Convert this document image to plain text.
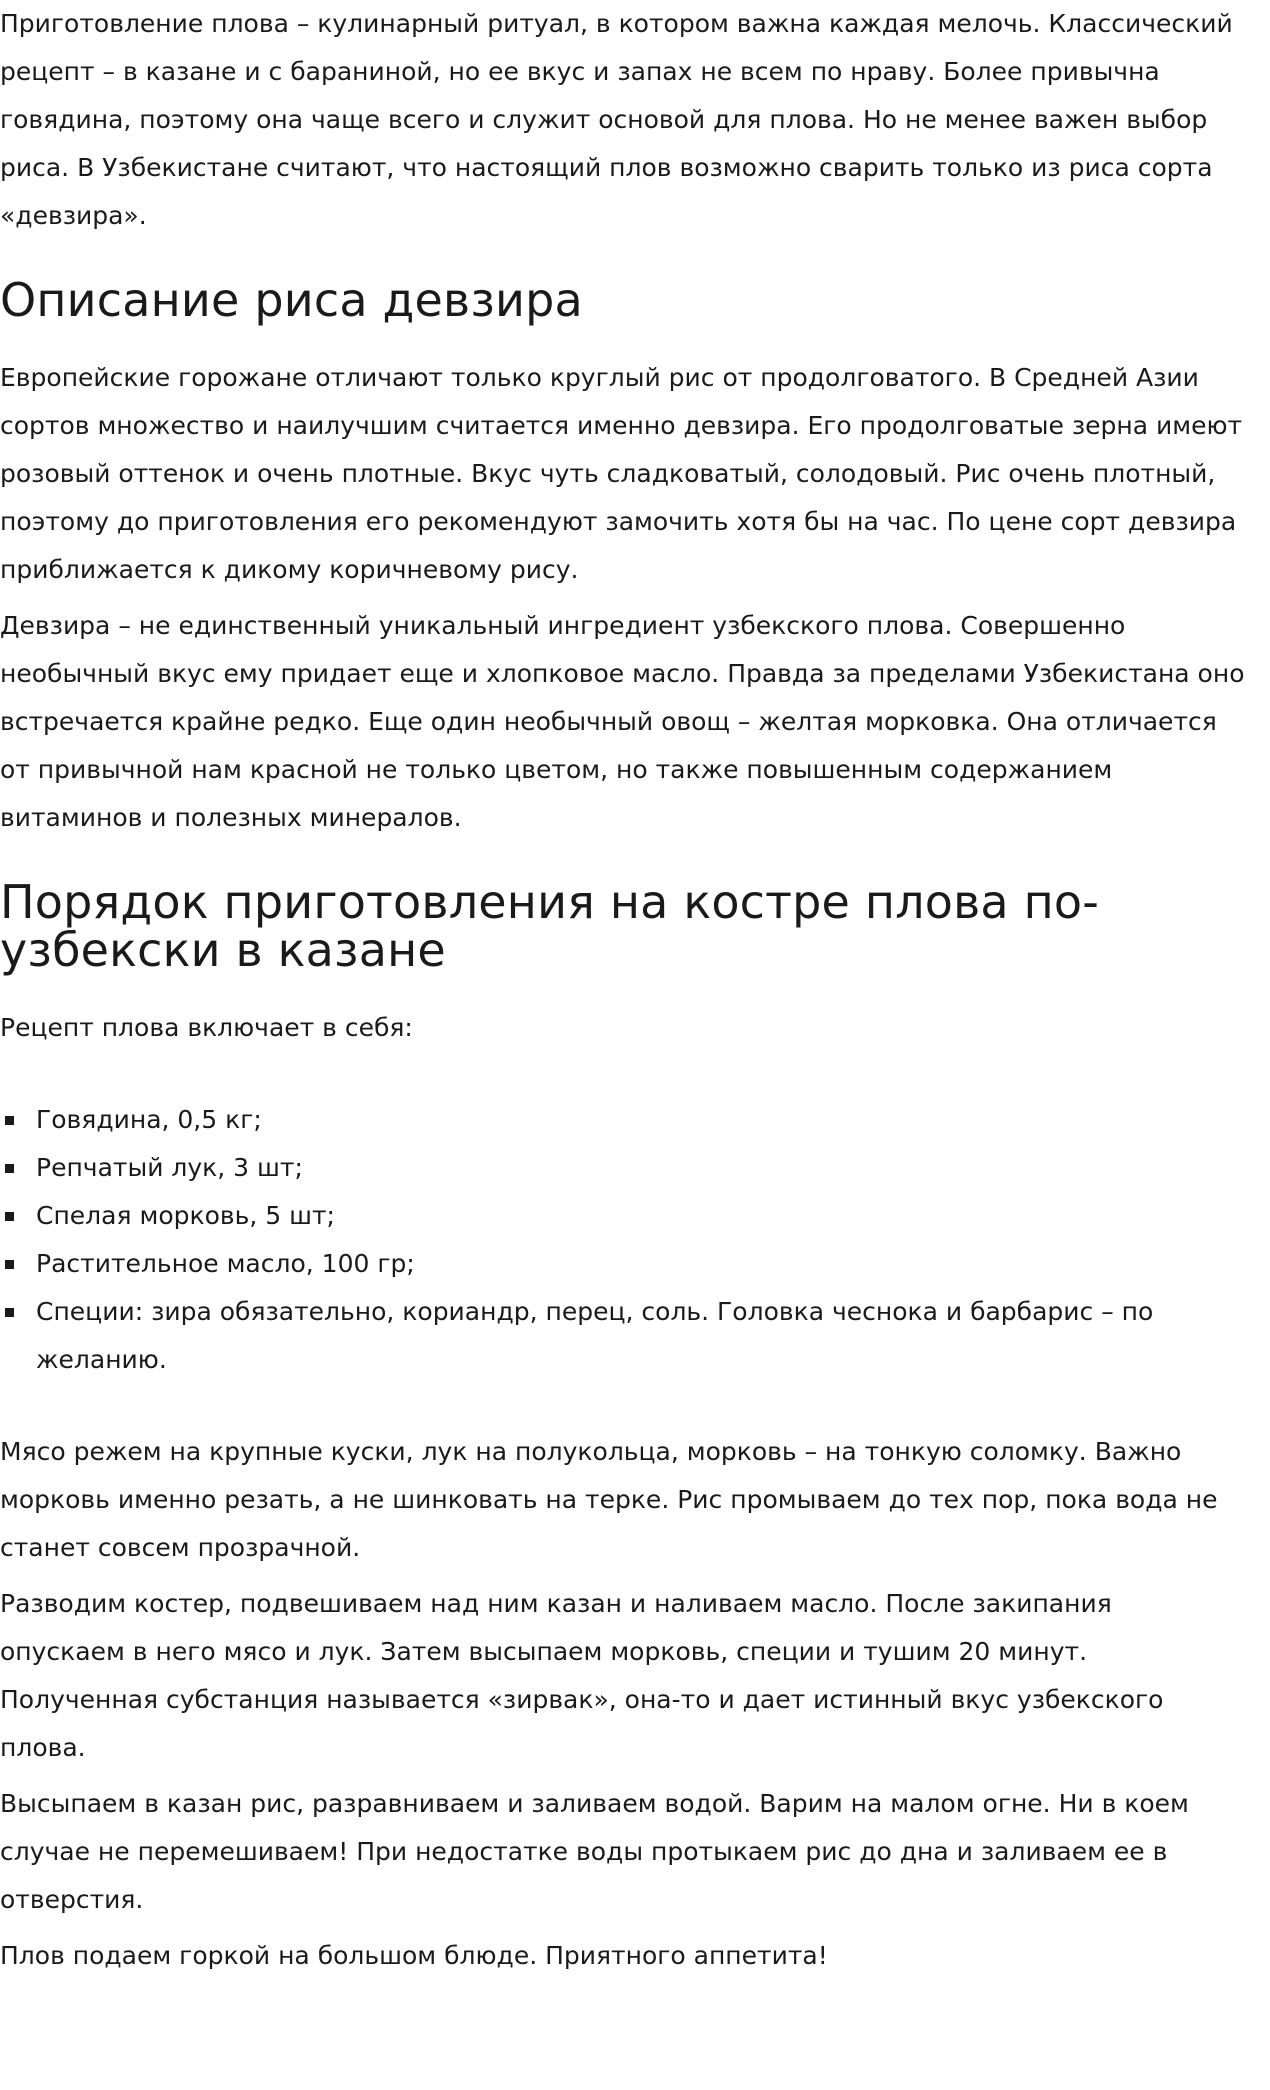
Приготовление плова – кулинарный ритуал, в котором важна каждая мелочь. Классический рецепт – в казане и с бараниной, но ее вкус и запах не всем по нраву. Более привычна говядина, поэтому она чаще всего и служит основой для плова. Но не менее важен выбор риса. В Узбекистане считают, что настоящий плов возможно сварить только из риса сорта «девзира».

Описание риса девзира

Европейские горожане отличают только круглый рис от продолговатого. В Средней Азии сортов множество и наилучшим считается именно девзира. Его продолговатые зерна имеют розовый оттенок и очень плотные. Вкус чуть сладковатый, солодовый. Рис очень плотный, поэтому до приготовления его рекомендуют замочить хотя бы на час. По цене сорт девзира приближается к дикому коричневому рису.

Девзира – не единственный уникальный ингредиент узбекского плова. Совершенно необычный вкус ему придает еще и хлопковое масло. Правда за пределами Узбекистана оно встречается крайне редко. Еще один необычный овощ – желтая морковка. Она отличается от привычной нам красной не только цветом, но также повышенным содержанием витаминов и полезных минералов.

Порядок приготовления на костре плова по-узбекски в казане

Рецепт плова включает в себя:

Говядина, 0,5 кг;
Репчатый лук, 3 шт;
Спелая морковь, 5 шт;
Растительное масло, 100 гр;
Специи: зира обязательно, кориандр, перец, соль. Головка чеснока и барбарис – по желанию.

Мясо режем на крупные куски, лук на полукольца, морковь – на тонкую соломку. Важно морковь именно резать, а не шинковать на терке. Рис промываем до тех пор, пока вода не станет совсем прозрачной.

Разводим костер, подвешиваем над ним казан и наливаем масло. После закипания опускаем в него мясо и лук. Затем высыпаем морковь, специи и тушим 20 минут. Полученная субстанция называется «зирвак», она-то и дает истинный вкус узбекского плова.

Высыпаем в казан рис, разравниваем и заливаем водой. Варим на малом огне. Ни в коем случае не перемешиваем! При недостатке воды протыкаем рис до дна и заливаем ее в отверстия.

Плов подаем горкой на большом блюде. Приятного аппетита!
